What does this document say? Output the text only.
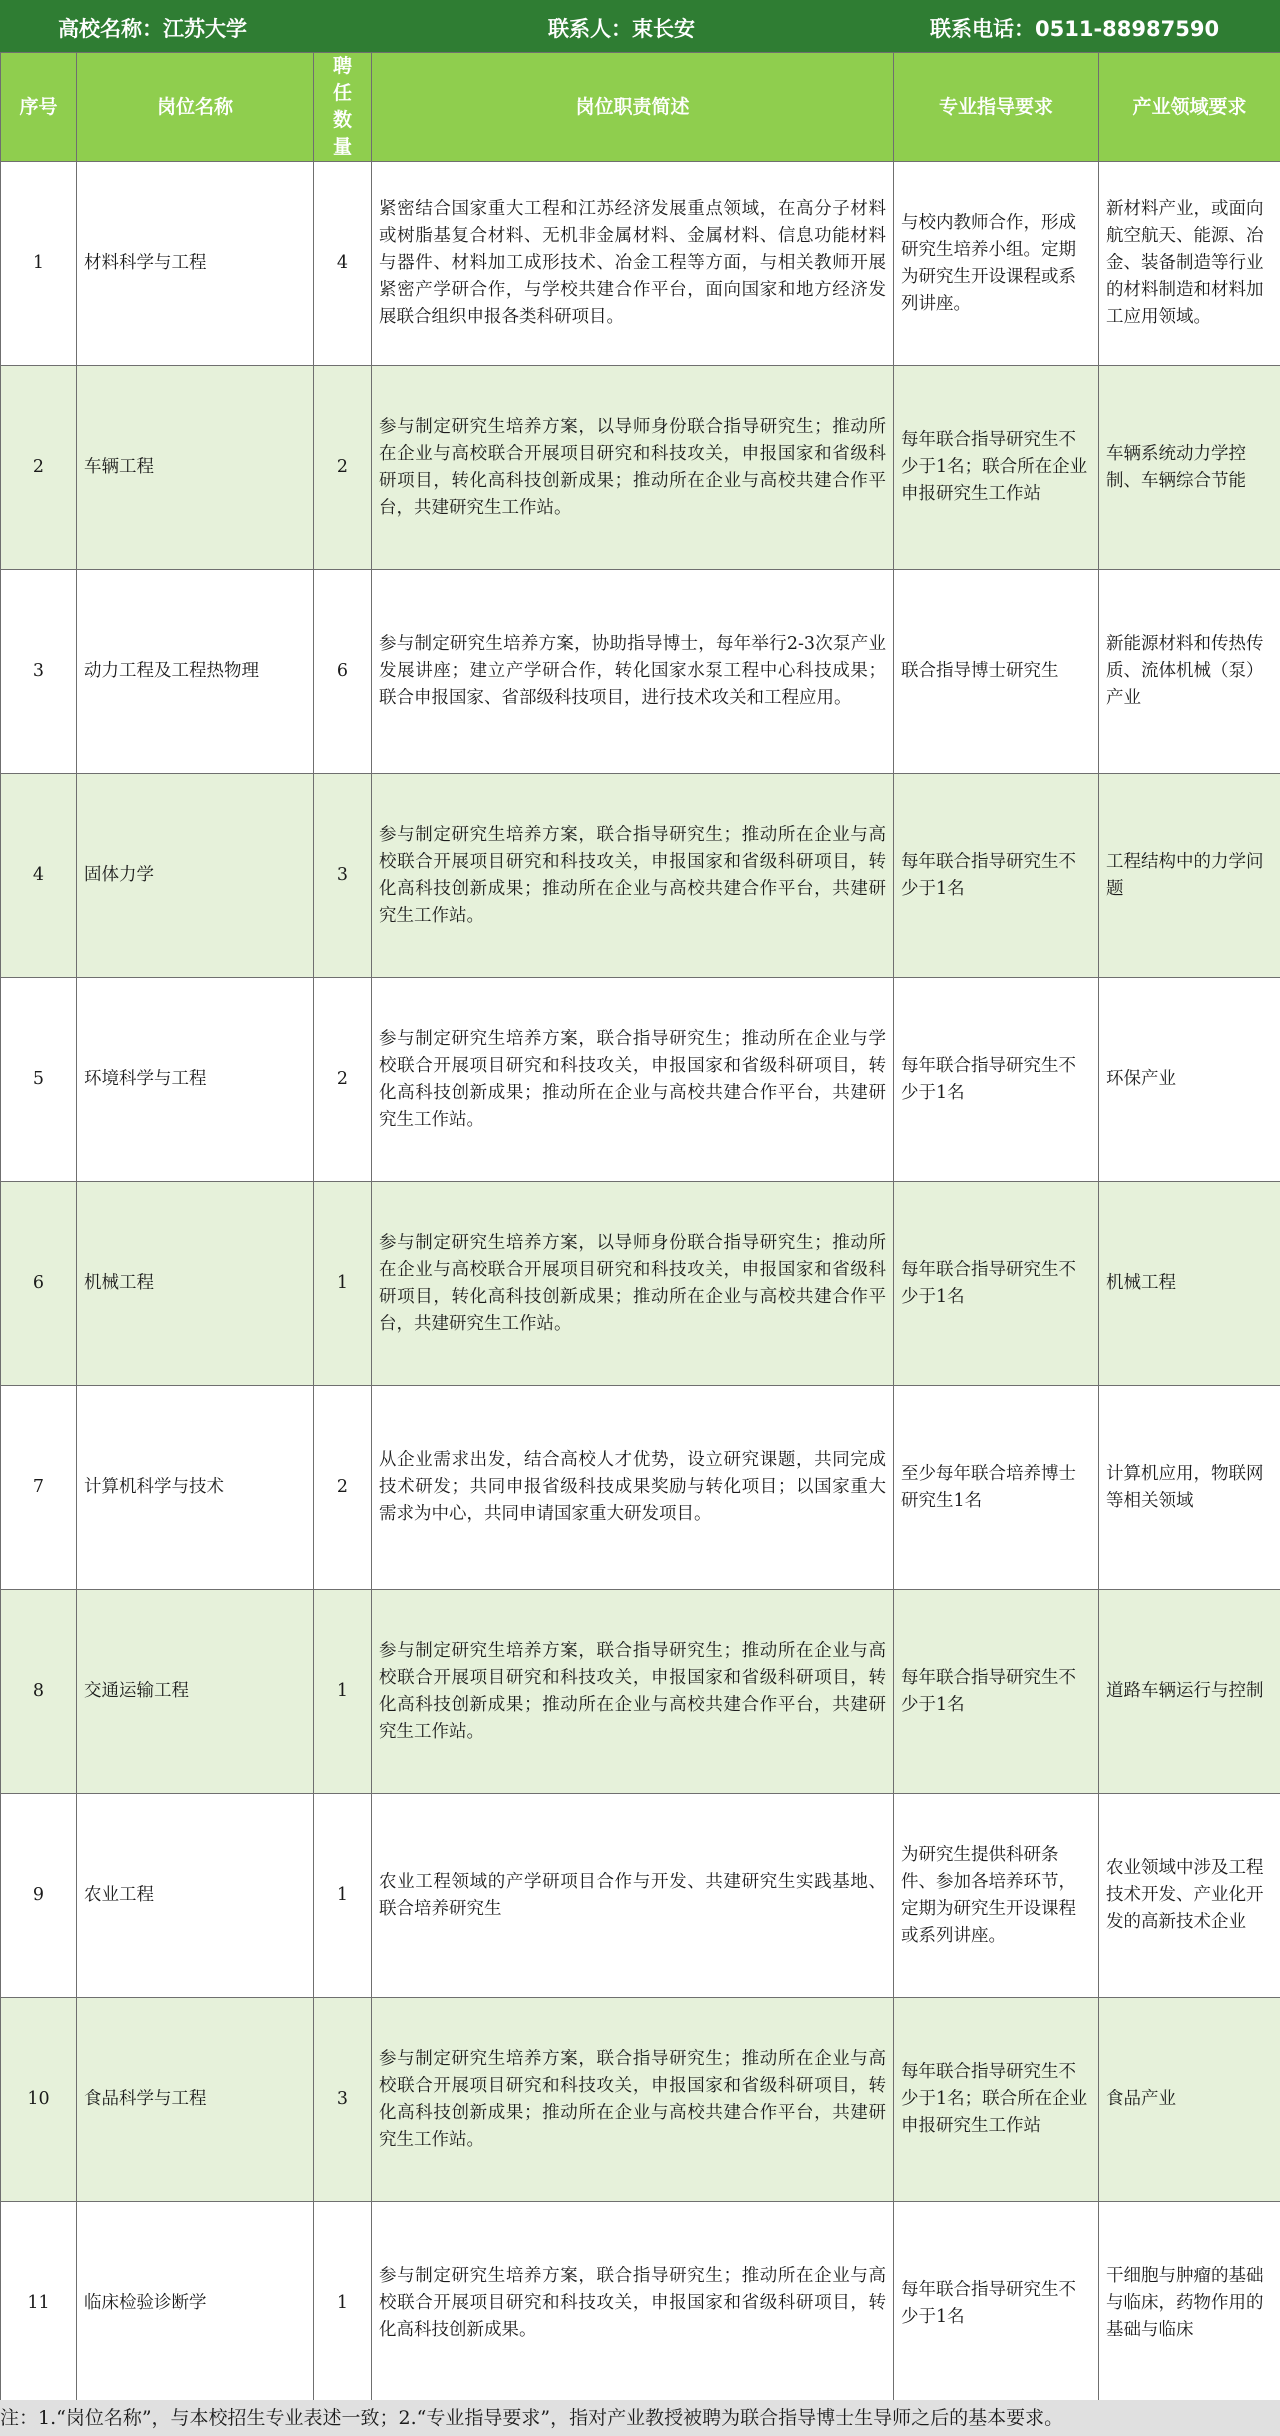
高校名称：江苏大学	联系人：束长安	联系电话：0511-88987590
序号	岗位名称	聘任数量	岗位职责简述	专业指导要求	产业领域要求
1	材料科学与工程	4	紧密结合国家重大工程和江苏经济发展重点领域，在高分子材料或树脂基复合材料、无机非金属材料、金属材料、信息功能材料与器件、材料加工成形技术、冶金工程等方面，与相关教师开展紧密产学研合作，与学校共建合作平台，面向国家和地方经济发展联合组织申报各类科研项目。	与校内教师合作，形成研究生培养小组。定期为研究生开设课程或系列讲座。	新材料产业，或面向航空航天、能源、冶金、装备制造等行业的材料制造和材料加工应用领域。
2	车辆工程	2	参与制定研究生培养方案，以导师身份联合指导研究生；推动所在企业与高校联合开展项目研究和科技攻关，申报国家和省级科研项目，转化高科技创新成果；推动所在企业与高校共建合作平台，共建研究生工作站。	每年联合指导研究生不少于1名；联合所在企业申报研究生工作站	车辆系统动力学控制、车辆综合节能
3	动力工程及工程热物理	6	参与制定研究生培养方案，协助指导博士，每年举行2-3次泵产业发展讲座；建立产学研合作，转化国家水泵工程中心科技成果；联合申报国家、省部级科技项目，进行技术攻关和工程应用。	联合指导博士研究生	新能源材料和传热传质、流体机械（泵）产业
4	固体力学	3	参与制定研究生培养方案，联合指导研究生；推动所在企业与高校联合开展项目研究和科技攻关，申报国家和省级科研项目，转化高科技创新成果；推动所在企业与高校共建合作平台，共建研究生工作站。	每年联合指导研究生不少于1名	工程结构中的力学问题
5	环境科学与工程	2	参与制定研究生培养方案，联合指导研究生；推动所在企业与学校联合开展项目研究和科技攻关，申报国家和省级科研项目，转化高科技创新成果；推动所在企业与高校共建合作平台，共建研究生工作站。	每年联合指导研究生不少于1名	环保产业
6	机械工程	1	参与制定研究生培养方案，以导师身份联合指导研究生；推动所在企业与高校联合开展项目研究和科技攻关，申报国家和省级科研项目，转化高科技创新成果；推动所在企业与高校共建合作平台，共建研究生工作站。	每年联合指导研究生不少于1名	机械工程
7	计算机科学与技术	2	从企业需求出发，结合高校人才优势，设立研究课题，共同完成技术研发；共同申报省级科技成果奖励与转化项目；以国家重大需求为中心，共同申请国家重大研发项目。	至少每年联合培养博士研究生1名	计算机应用，物联网等相关领域
8	交通运输工程	1	参与制定研究生培养方案，联合指导研究生；推动所在企业与高校联合开展项目研究和科技攻关，申报国家和省级科研项目，转化高科技创新成果；推动所在企业与高校共建合作平台，共建研究生工作站。	每年联合指导研究生不少于1名	道路车辆运行与控制
9	农业工程	1	农业工程领域的产学研项目合作与开发、共建研究生实践基地、联合培养研究生	为研究生提供科研条件、参加各培养环节，定期为研究生开设课程或系列讲座。	农业领域中涉及工程技术开发、产业化开发的高新技术企业
10	食品科学与工程	3	参与制定研究生培养方案，联合指导研究生；推动所在企业与高校联合开展项目研究和科技攻关，申报国家和省级科研项目，转化高科技创新成果；推动所在企业与高校共建合作平台，共建研究生工作站。	每年联合指导研究生不少于1名；联合所在企业申报研究生工作站	食品产业
11	临床检验诊断学	1	参与制定研究生培养方案，联合指导研究生；推动所在企业与高校联合开展项目研究和科技攻关，申报国家和省级科研项目，转化高科技创新成果。	每年联合指导研究生不少于1名	干细胞与肿瘤的基础与临床，药物作用的基础与临床
注：1.“岗位名称”，与本校招生专业表述一致；2.“专业指导要求”，指对产业教授被聘为联合指导博士生导师之后的基本要求。
